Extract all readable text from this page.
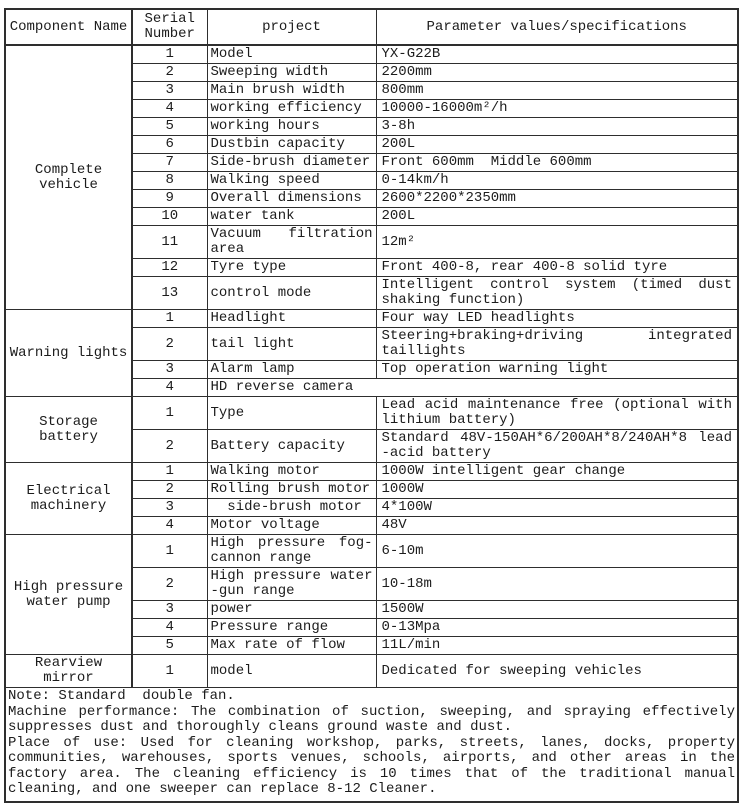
Component Name	Serial Number	project	Parameter values/specifications
Complete vehicle	1	Model	YX-G22B
	2	Sweeping width	2200mm
	3	Main brush width	800mm
	4	working efficiency	10000-16000m²/h
	5	working hours	3-8h
	6	Dustbin capacity	200L
	7	Side-brush diameter	Front 600mm  Middle 600mm
	8	Walking speed	0-14km/h
	9	Overall dimensions	2600*2200*2350mm
	10	water tank	200L
	11	Vacuum filtration area	12m²
	12	Tyre type	Front 400-8, rear 400-8 solid tyre
	13	control mode	Intelligent control system (timed dust shaking function)
Warning lights	1	Headlight	Four way LED headlights
	2	tail light	Steering+braking+driving integrated taillights
	3	Alarm lamp	Top operation warning light
	4	HD reverse camera	
Storage battery	1	Type	Lead acid maintenance free (optional with lithium battery)
	2	Battery capacity	Standard 48V-150AH*6/200AH*8/240AH*8 lead​-acid battery
Electrical machinery	1	Walking motor	1000W intelligent gear change
	2	Rolling brush motor	1000W
	3	side-brush motor	4*100W
	4	Motor voltage	48V
High pressure water pump	1	High pressure fog-cannon range	6-10m
	2	High pressure water​-gun range	10-18m
	3	power	1500W
	4	Pressure range	0-13Mpa
	5	Max rate of flow	11L/min
Rearview mirror	1	model	Dedicated for sweeping vehicles

Note: Standard  double fan.
Machine performance: The combination of suction, sweeping, and spraying effectively suppresses dust and thoroughly cleans ground waste and dust.
Place of use: Used for cleaning workshop, parks, streets, lanes, docks, property communities, warehouses, sports venues, schools, airports, and other areas in the factory area. The cleaning efficiency is 10 times that of the traditional manual cleaning, and one sweeper can replace 8-12 Cleaner.			
